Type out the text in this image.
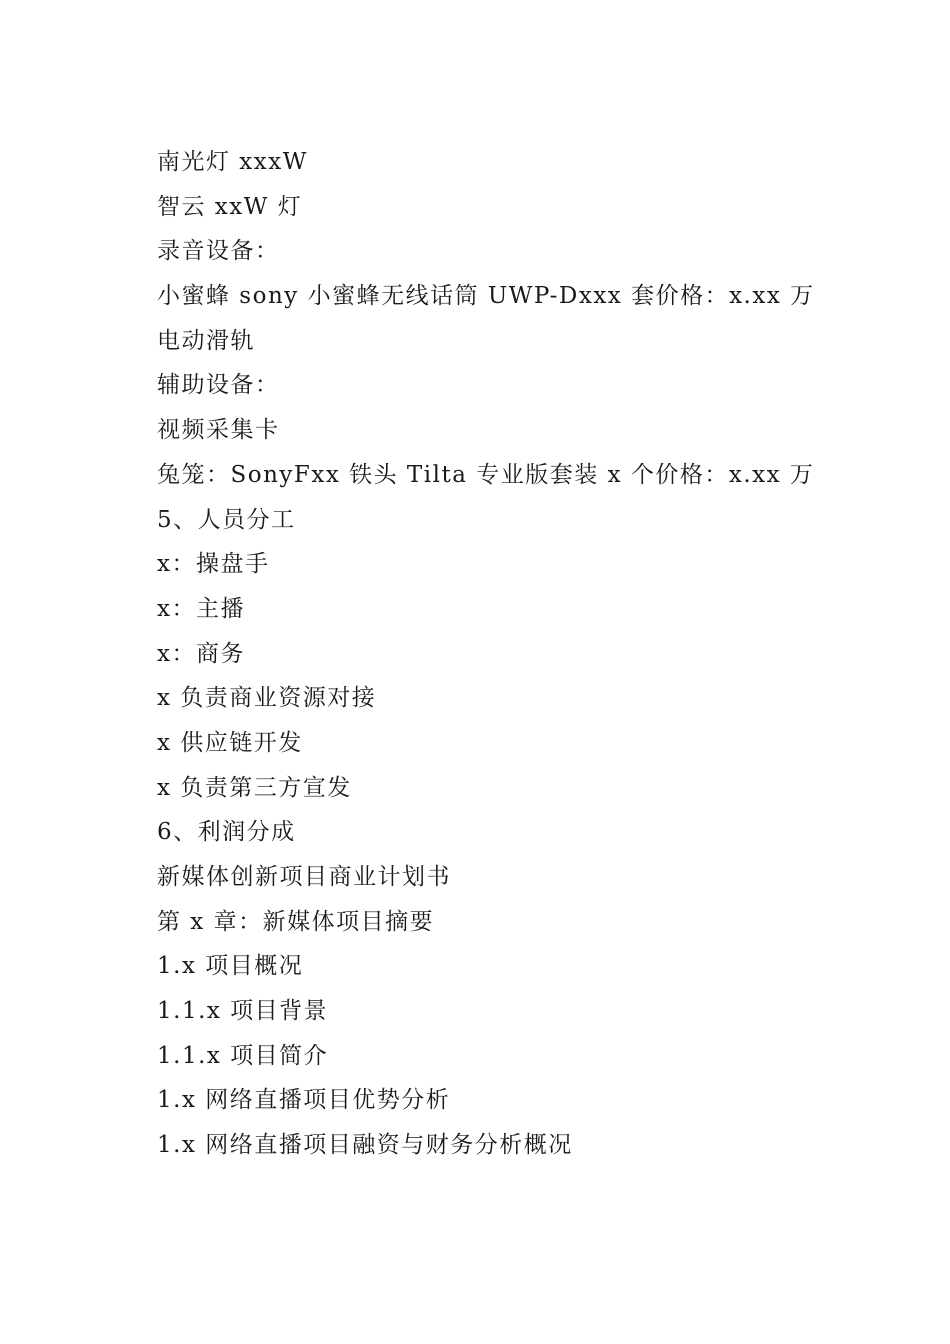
南光灯 xxxW
智云 xxW 灯
录音设备：
小蜜蜂 sony 小蜜蜂无线话筒 UWP-Dxxx 套价格：x.xx 万
电动滑轨
辅助设备：
视频采集卡
兔笼：SonyFxx 铁头 Tilta 专业版套装 x 个价格：x.xx 万
5、人员分工
x：操盘手
x：主播
x：商务
x 负责商业资源对接
x 供应链开发
x 负责第三方宣发
6、利润分成
新媒体创新项目商业计划书
第 x 章：新媒体项目摘要
1.x 项目概况
1.1.x 项目背景
1.1.x 项目简介
1.x 网络直播项目优势分析
1.x 网络直播项目融资与财务分析概况
